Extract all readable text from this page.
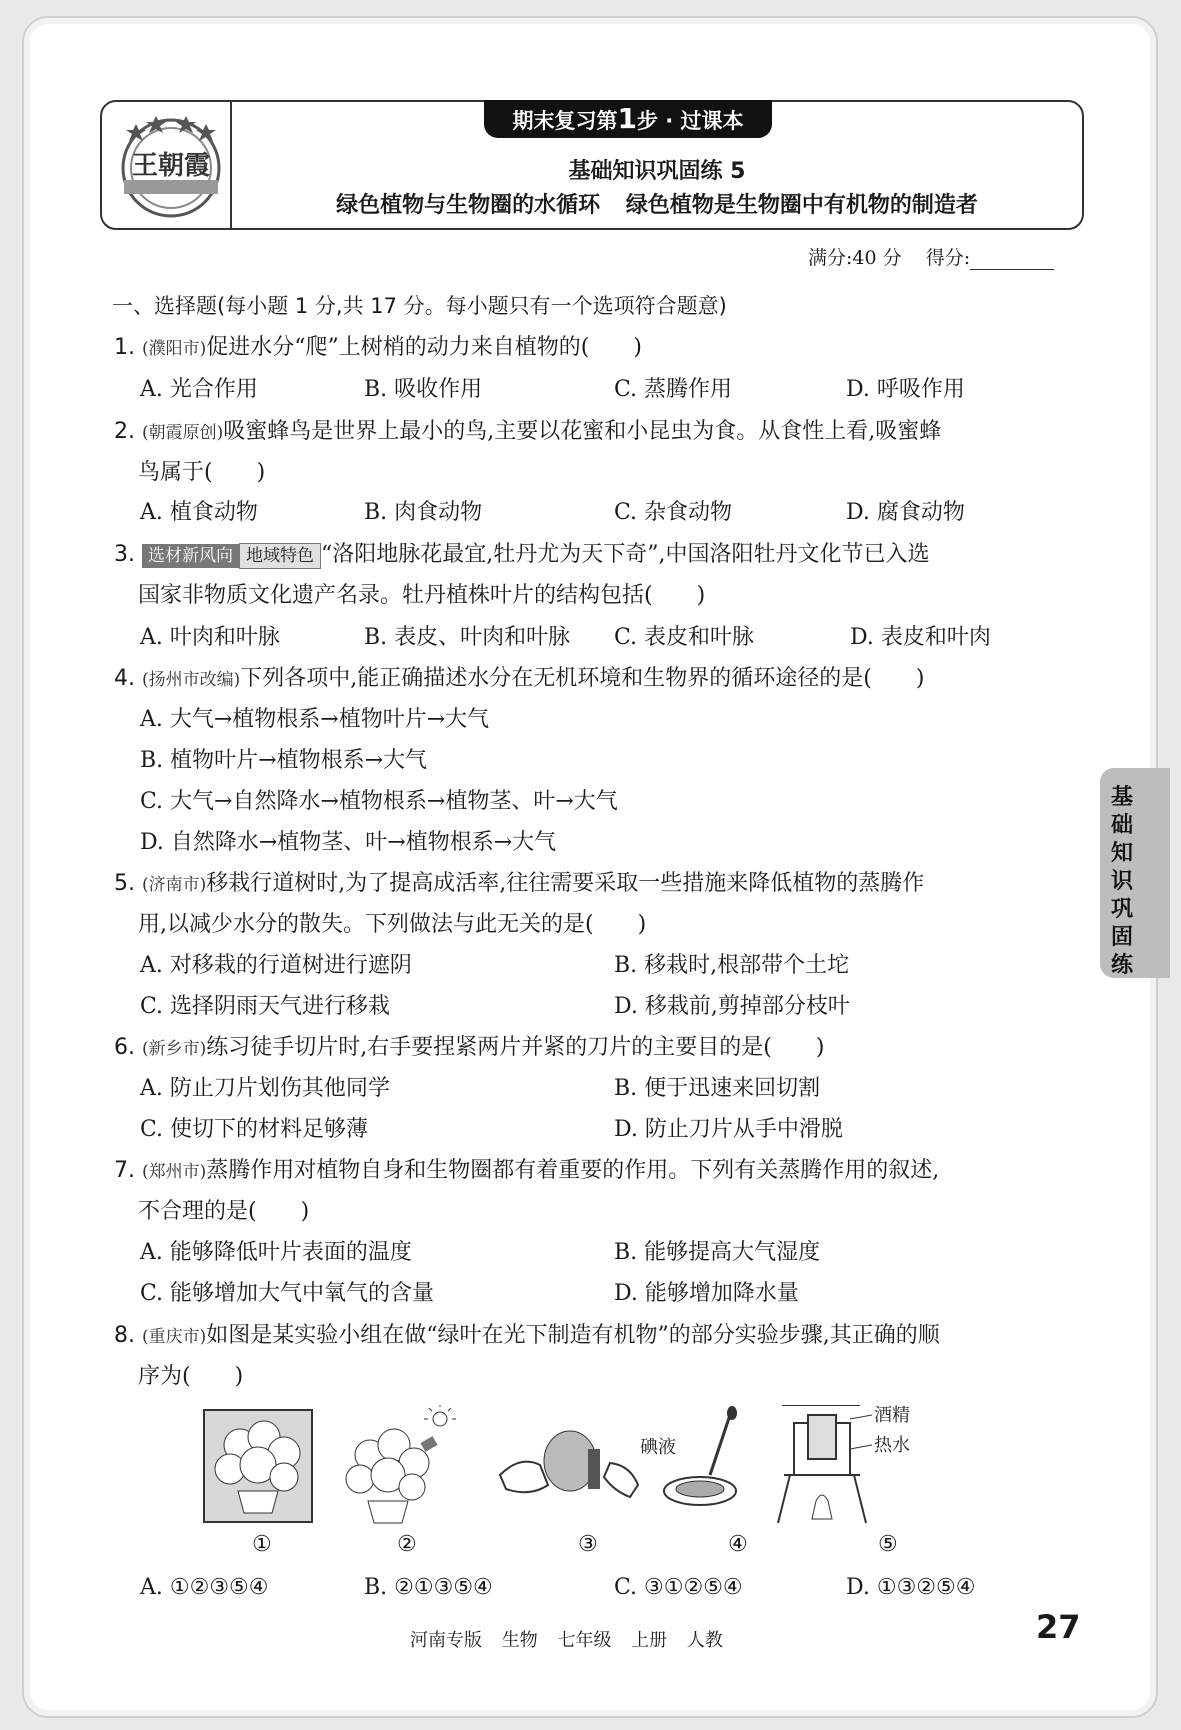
王朝霞
期末复习第1步 · 过课本
基础知识巩固练 5
绿色植物与生物圈的水循环 绿色植物是生物圈中有机物的制造者
满分:40 分 得分:
一、选择题(每小题 1 分,共 17 分。每小题只有一个选项符合题意)
1. (濮阳市)促进水分“爬”上树梢的动力来自植物的(　　)
A. 光合作用	B. 吸收作用	C. 蒸腾作用	D. 呼吸作用
2. (朝霞原创)吸蜜蜂鸟是世界上最小的鸟,主要以花蜜和小昆虫为食。从食性上看,吸蜜蜂
鸟属于(　　)
A. 植食动物	B. 肉食动物	C. 杂食动物	D. 腐食动物
3. 选材新风向 地域特色 “洛阳地脉花最宜,牡丹尤为天下奇”,中国洛阳牡丹文化节已入选
国家非物质文化遗产名录。牡丹植株叶片的结构包括(　　)
A. 叶肉和叶脉	B. 表皮、叶肉和叶脉 C. 表皮和叶脉	D. 表皮和叶肉
4. (扬州市改编)下列各项中,能正确描述水分在无机环境和生物界的循环途径的是(　　)
A. 大气→植物根系→植物叶片→大气
B. 植物叶片→植物根系→大气
C. 大气→自然降水→植物根系→植物茎、叶→大气
D. 自然降水→植物茎、叶→植物根系→大气
5. (济南市)移栽行道树时,为了提高成活率,往往需要采取一些措施来降低植物的蒸腾作
用,以减少水分的散失。下列做法与此无关的是(　　)
A. 对移栽的行道树进行遮阴	B. 移栽时,根部带个土坨
C. 选择阴雨天气进行移栽	D. 移栽前,剪掉部分枝叶
6. (新乡市)练习徒手切片时,右手要捏紧两片并紧的刀片的主要目的是(　　)
A. 防止刀片划伤其他同学	B. 便于迅速来回切割
C. 使切下的材料足够薄	D. 防止刀片从手中滑脱
7. (郑州市)蒸腾作用对植物自身和生物圈都有着重要的作用。下列有关蒸腾作用的叙述,
不合理的是(　　)
A. 能够降低叶片表面的温度	B. 能够提高大气湿度
C. 能够增加大气中氧气的含量	D. 能够增加降水量
8. (重庆市)如图是某实验小组在做“绿叶在光下制造有机物”的部分实验步骤,其正确的顺
序为(　　)
碘液
酒精
热水
①	②	③	④	⑤
A. ①②③⑤④	B. ②①③⑤④	C. ③①②⑤④	D. ①③②⑤④
基
础
知
识
巩
固
练
河南专版 生物 七年级 上册 人教	27
